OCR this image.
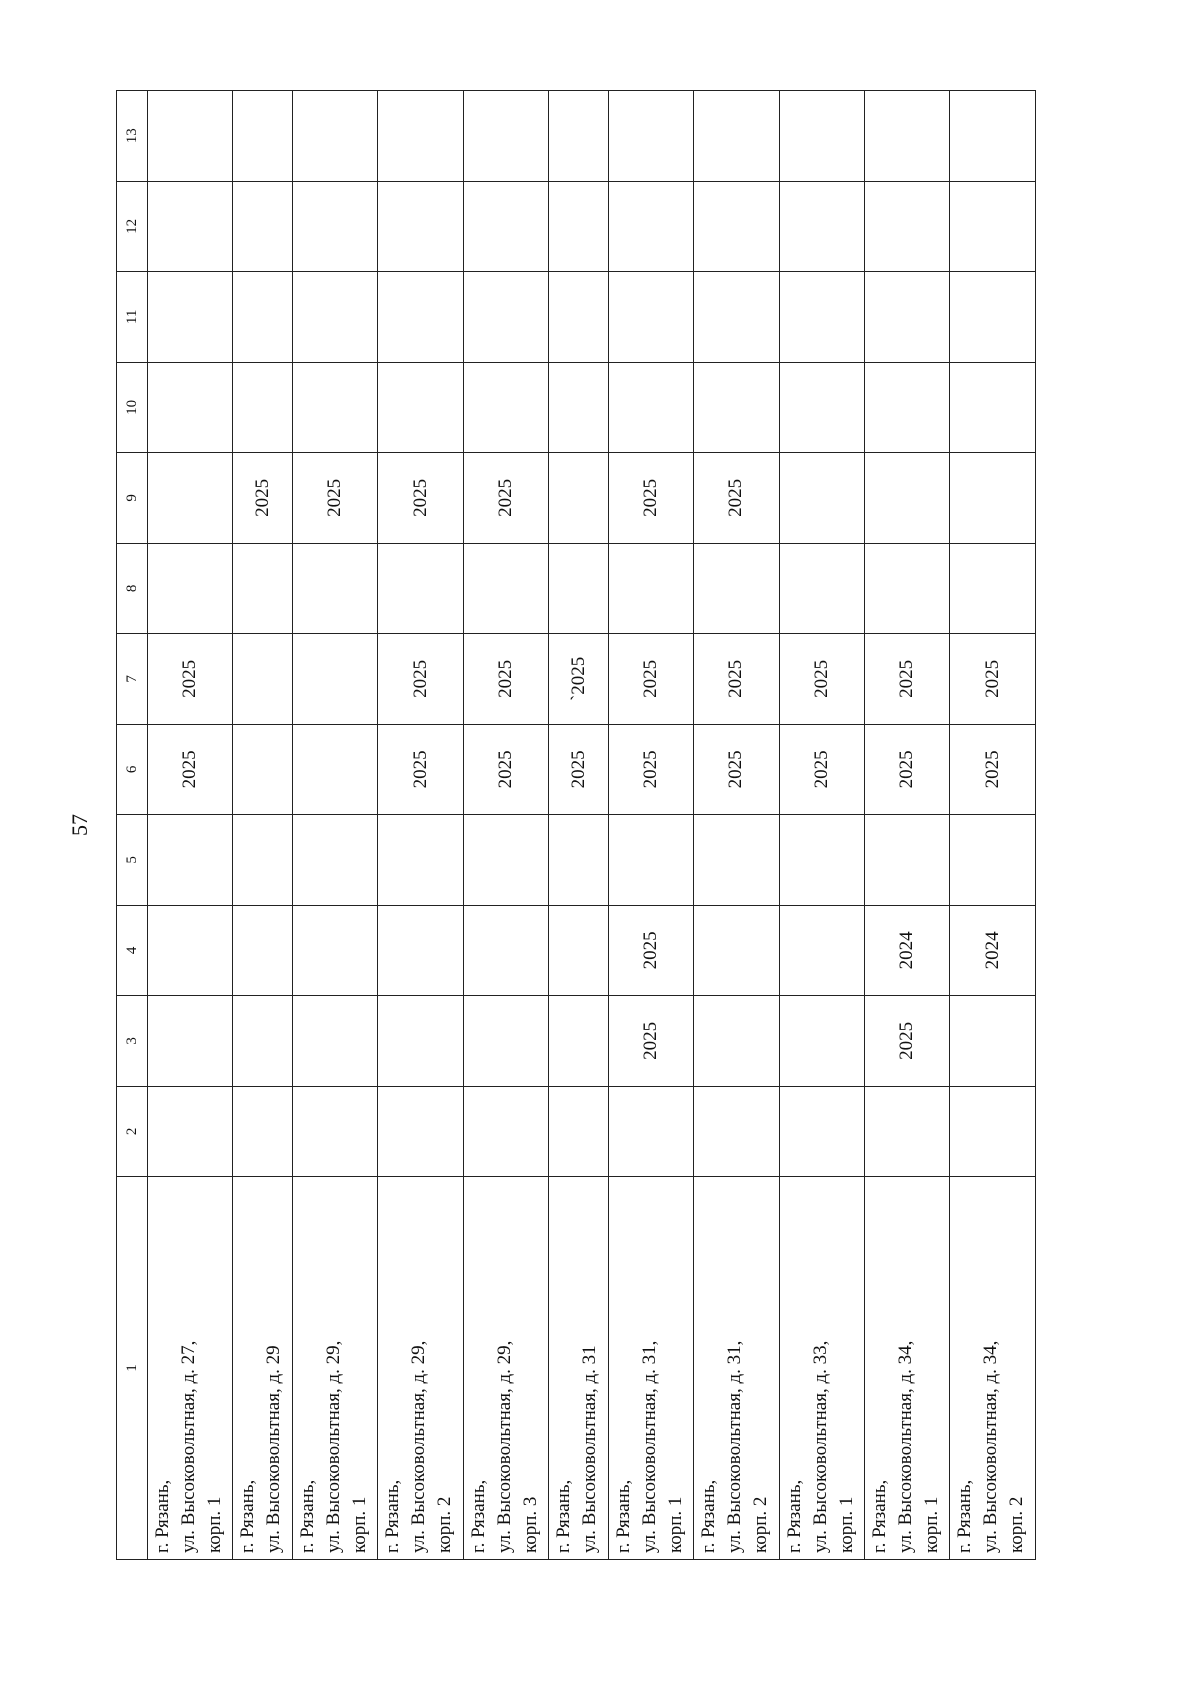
57
1	2	3	4	5	6	7	8	9	10	11	12	13

г. Рязань, ул. Высоковольтная, д. 27, корп. 1					2025	2025						

г. Рязань, ул. Высоковольтная, д. 29								2025				

г. Рязань, ул. Высоковольтная, д. 29, корп. 1								2025				

г. Рязань, ул. Высоковольтная, д. 29, корп. 2					2025	2025		2025				

г. Рязань, ул. Высоковольтная, д. 29, корп. 3					2025	2025		2025				

г. Рязань, ул. Высоковольтная, д. 31					2025	`2025						

г. Рязань, ул. Высоковольтная, д. 31, корп. 1		2025	2025		2025	2025		2025				

г. Рязань, ул. Высоковольтная, д. 31, корп. 2					2025	2025		2025				

г. Рязань, ул. Высоковольтная, д. 33, корп. 1					2025	2025						

г. Рязань, ул. Высоковольтная, д. 34, корп. 1		2025	2024		2025	2025						

г. Рязань, ул. Высоковольтная, д. 34, корп. 2			2024		2025	2025						
